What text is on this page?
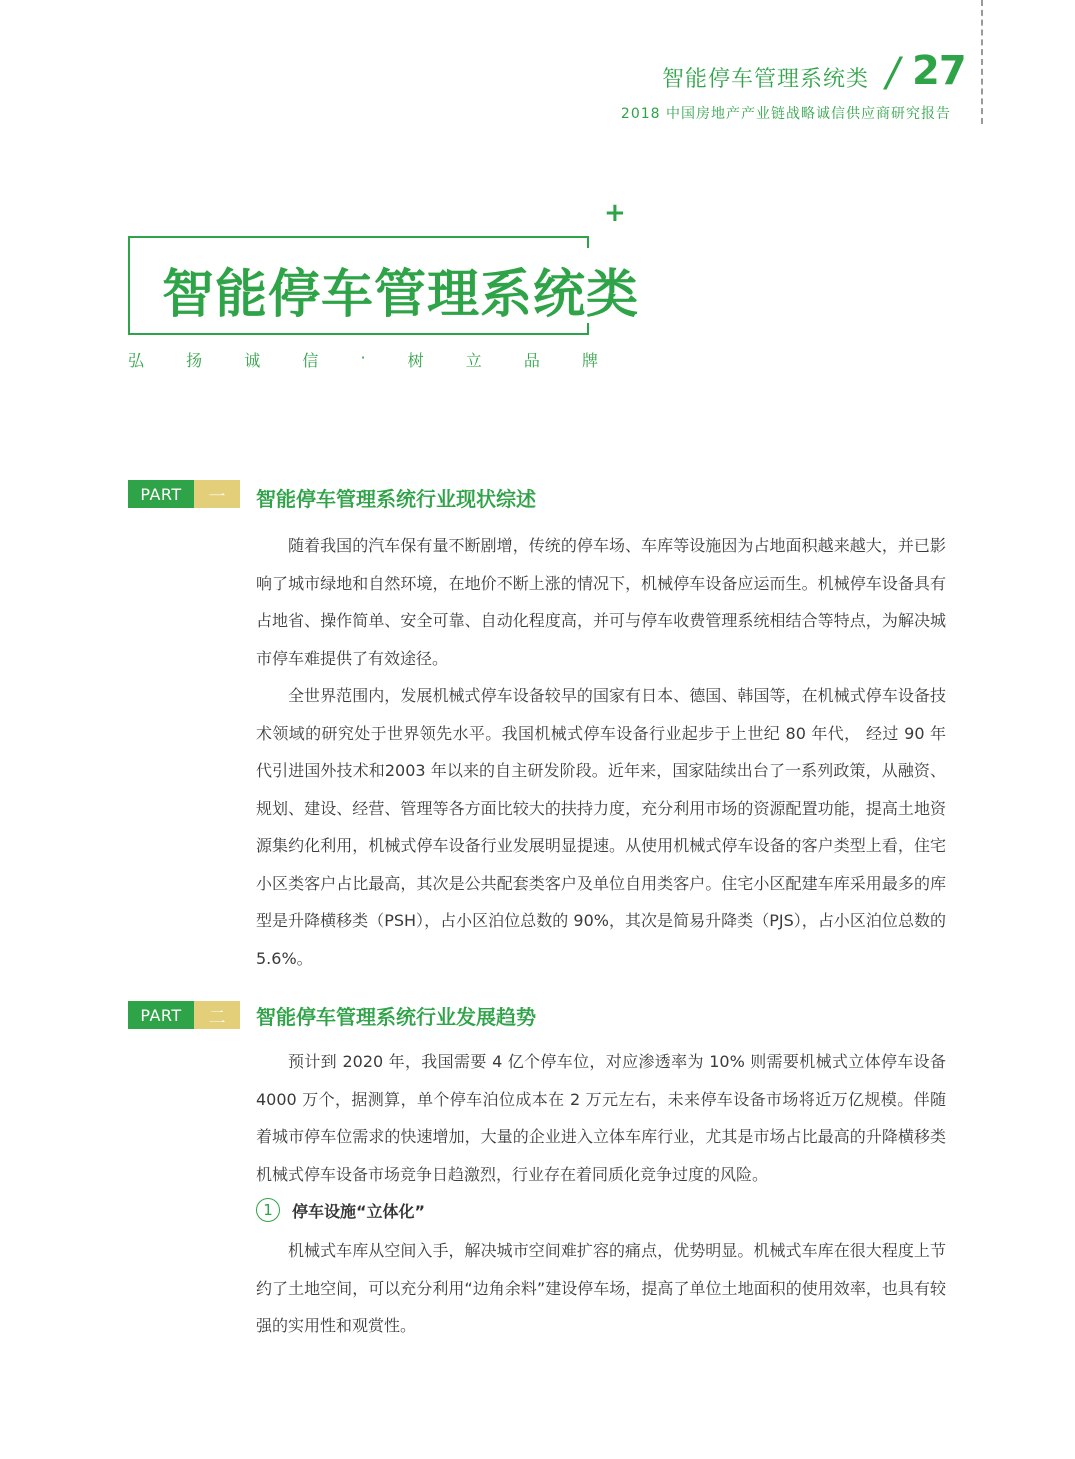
智能停车管理系统类 / 27
2018 中国房地产产业链战略诚信供应商研究报告
+
智能停车管理系统类
弘	扬	诚	信	·	树	立	品	牌
PART	一	智能停车管理系统行业现状综述

随着我国的汽车保有量不断剧增，传统的停车场、车库等设施因为占地面积越来越大，并已影响了城市绿地和自然环境，在地价不断上涨的情况下，机械停车设备应运而生。机械停车设备具有占地省、操作简单、安全可靠、自动化程度高，并可与停车收费管理系统相结合等特点，为解决城市停车难提供了有效途径。

全世界范围内，发展机械式停车设备较早的国家有日本、德国、韩国等，在机械式停车设备技术领域的研究处于世界领先水平。我国机械式停车设备行业起步于上世纪 80 年代， 经过 90 年代引进国外技术和2003 年以来的自主研发阶段。近年来，国家陆续出台了一系列政策，从融资、规划、建设、经营、管理等各方面比较大的扶持力度，充分利用市场的资源配置功能，提高土地资源集约化利用，机械式停车设备行业发展明显提速。从使用机械式停车设备的客户类型上看，住宅小区类客户占比最高，其次是公共配套类客户及单位自用类客户。住宅小区配建车库采用最多的库型是升降横移类（PSH），占小区泊位总数的 90%，其次是简易升降类（PJS），占小区泊位总数的 5.6%。

PART	二	智能停车管理系统行业发展趋势

预计到 2020 年，我国需要 4 亿个停车位，对应渗透率为 10% 则需要机械式立体停车设备 4000 万个，据测算，单个停车泊位成本在 2 万元左右，未来停车设备市场将近万亿规模。伴随着城市停车位需求的快速增加，大量的企业进入立体车库行业，尤其是市场占比最高的升降横移类机械式停车设备市场竞争日趋激烈，行业存在着同质化竞争过度的风险。

1	停车设施“立体化”

机械式车库从空间入手，解决城市空间难扩容的痛点，优势明显。机械式车库在很大程度上节约了土地空间，可以充分利用“边角余料”建设停车场，提高了单位土地面积的使用效率，也具有较强的实用性和观赏性。
